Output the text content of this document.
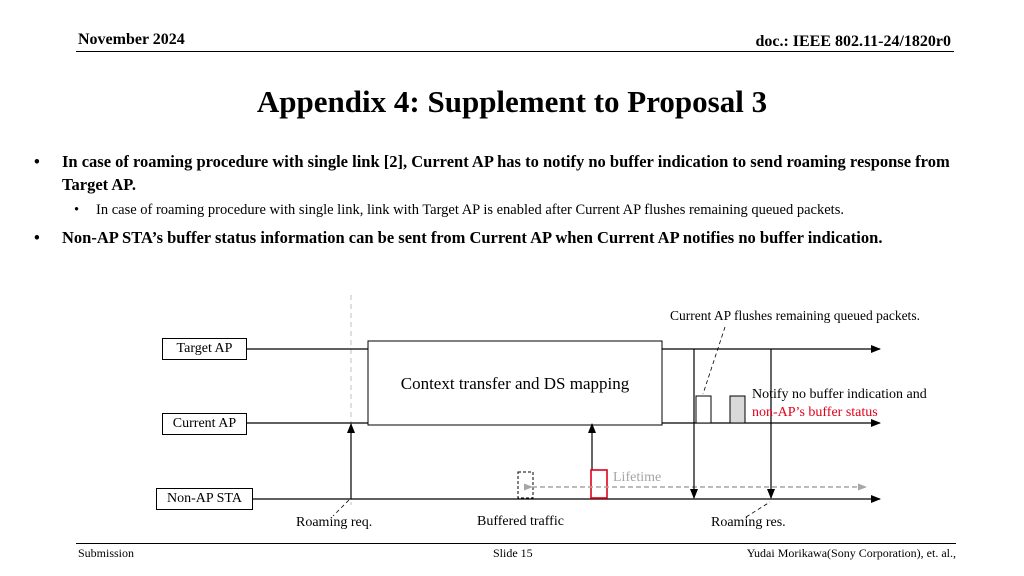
November 2024	doc.: IEEE 802.11-24/1820r0
Appendix 4: Supplement to Proposal 3
• In case of roaming procedure with single link [2], Current AP has to notify no buffer indication to send roaming response from Target AP.
• In case of roaming procedure with single link, link with Target AP is enabled after Current AP flushes remaining queued packets.
• Non-AP STA’s buffer status information can be sent from Current AP when Current AP notifies no buffer indication.
Target AP
Current AP
Non-AP STA
Context transfer and DS mapping
Current AP flushes remaining queued packets.
Notify no buffer indication and
non-AP’s buffer status
Lifetime
Roaming req.	Buffered traffic	Roaming res.
Submission	Slide 15	Yudai Morikawa(Sony Corporation), et. al.,
